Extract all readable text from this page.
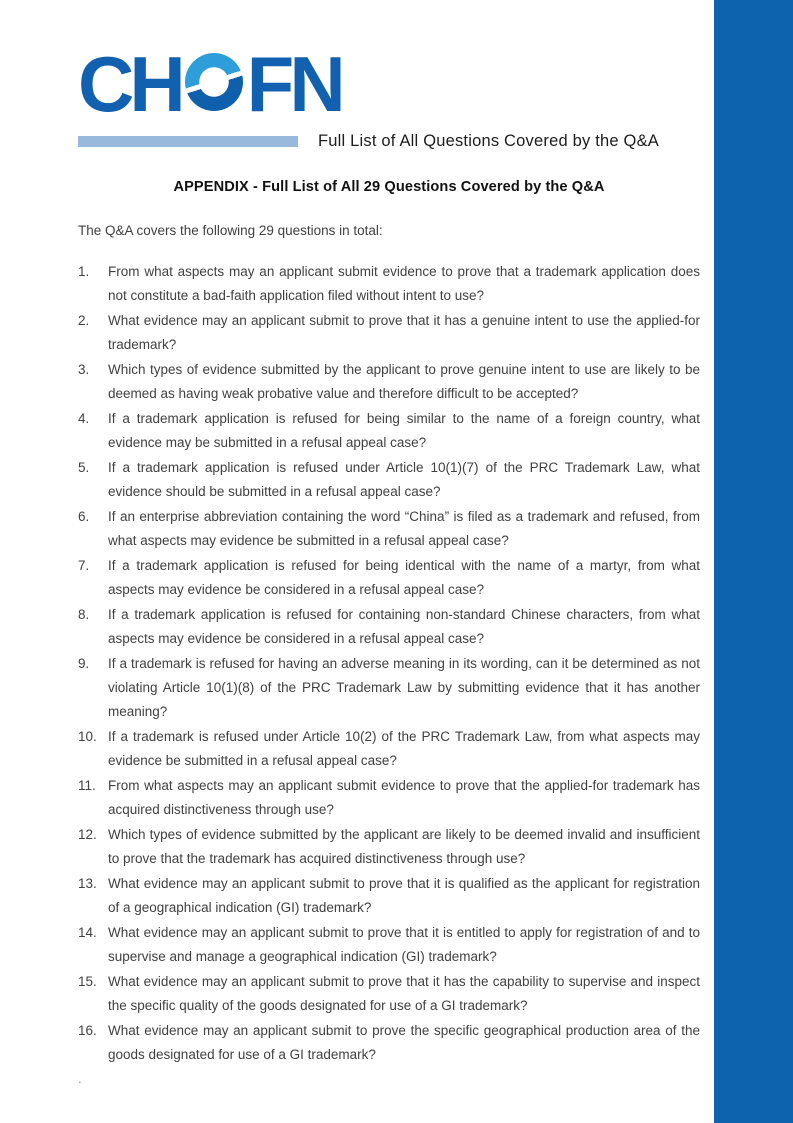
CH FN
Full List of All Questions Covered by the Q&A
APPENDIX - Full List of All 29 Questions Covered by the Q&A
The Q&A covers the following 29 questions in total:
1. From what aspects may an applicant submit evidence to prove that a trademark application does not constitute a bad-faith application filed without intent to use?
2. What evidence may an applicant submit to prove that it has a genuine intent to use the applied-for trademark?
3. Which types of evidence submitted by the applicant to prove genuine intent to use are likely to be deemed as having weak probative value and therefore difficult to be accepted?
4. If a trademark application is refused for being similar to the name of a foreign country, what evidence may be submitted in a refusal appeal case?
5. If a trademark application is refused under Article 10(1)(7) of the PRC Trademark Law, what evidence should be submitted in a refusal appeal case?
6. If an enterprise abbreviation containing the word “China” is filed as a trademark and refused, from what aspects may evidence be submitted in a refusal appeal case?
7. If a trademark application is refused for being identical with the name of a martyr, from what aspects may evidence be considered in a refusal appeal case?
8. If a trademark application is refused for containing non-standard Chinese characters, from what aspects may evidence be considered in a refusal appeal case?
9. If a trademark is refused for having an adverse meaning in its wording, can it be determined as not violating Article 10(1)(8) of the PRC Trademark Law by submitting evidence that it has another meaning?
10. If a trademark is refused under Article 10(2) of the PRC Trademark Law, from what aspects may evidence be submitted in a refusal appeal case?
11. From what aspects may an applicant submit evidence to prove that the applied-for trademark has acquired distinctiveness through use?
12. Which types of evidence submitted by the applicant are likely to be deemed invalid and insufficient to prove that the trademark has acquired distinctiveness through use?
13. What evidence may an applicant submit to prove that it is qualified as the applicant for registration of a geographical indication (GI) trademark?
14. What evidence may an applicant submit to prove that it is entitled to apply for registration of and to supervise and manage a geographical indication (GI) trademark?
15. What evidence may an applicant submit to prove that it has the capability to supervise and inspect the specific quality of the goods designated for use of a GI trademark?
16. What evidence may an applicant submit to prove the specific geographical production area of the goods designated for use of a GI trademark?
.
